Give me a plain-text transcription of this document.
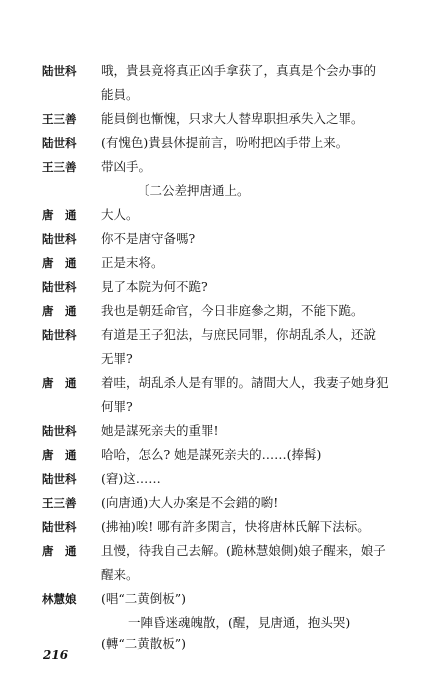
陆世科	哦，貴县竟将真正凶手拿获了，真真是个会办事的
能員。
王三善	能員倒也慚愧，只求大人替卑职担承失入之罪。
陆世科	(有愧色)貴县休提前言，吩咐把凶手带上来。
王三善	带凶手。
〔二公差押唐通上。
唐　通	大人。
陆世科	你不是唐守备嗎?
唐　通	正是末将。
陆世科	見了本院为何不跪?
唐　通	我也是朝廷命官，今日非庭參之期，不能下跪。
陆世科	有道是王子犯法，与庶民同罪，你胡乱杀人，还說
无罪?
唐　通	着哇，胡乱杀人是有罪的。請間大人，我妻子她身犯
何罪?
陆世科	她是謀死亲夫的重罪!
唐　通	哈哈，怎么? 她是謀死亲夫的……(捧髯)
陆世科	(窘)这……
王三善	(向唐通)大人办案是不会錯的喲!
陆世科	(拂袖)唉! 哪有許多閑言，快将唐林氏解下法标。
唐　通	且慢，待我自己去解。(跪林慧娘側)娘子醒来，娘子
醒来。
林慧娘	(唱“二黄倒板”)
一陣昏迷魂魄散，(醒，見唐通，抱头哭)
(轉“二黄散板”)
216
